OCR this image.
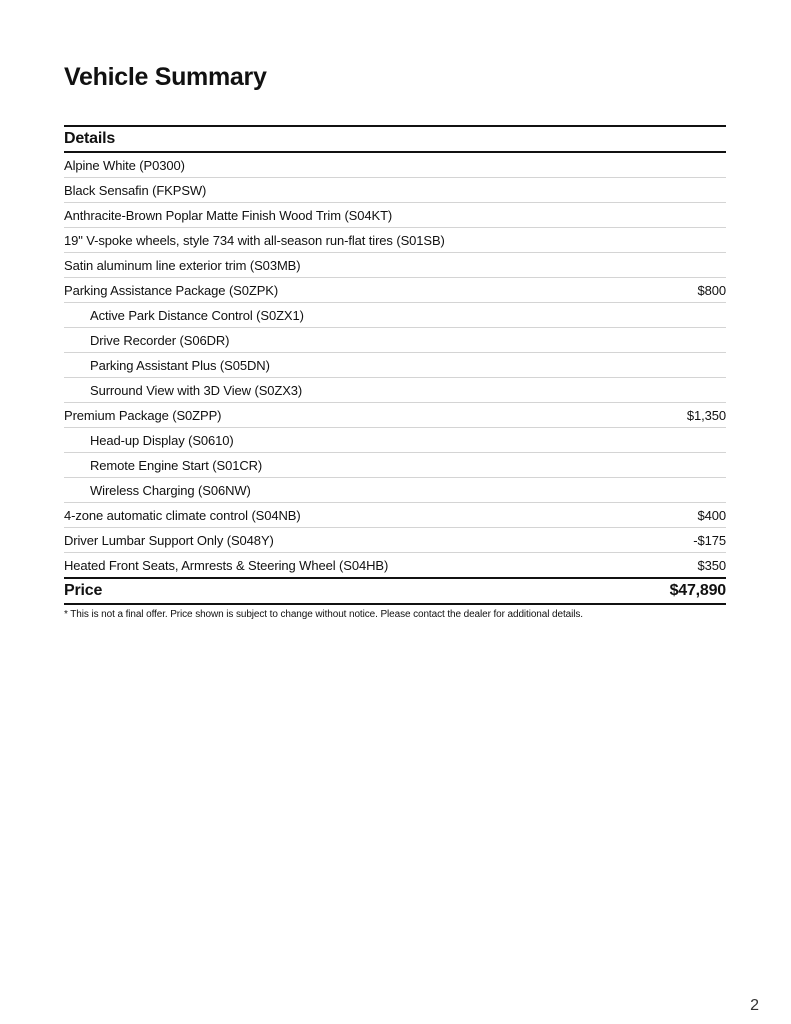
Vehicle Summary
Details
Alpine White (P0300)
Black Sensafin (FKPSW)
Anthracite-Brown Poplar Matte Finish Wood Trim (S04KT)
19" V-spoke wheels, style 734 with all-season run-flat tires (S01SB)
Satin aluminum line exterior trim (S03MB)
Parking Assistance Package (S0ZPK)	$800
Active Park Distance Control (S0ZX1)
Drive Recorder (S06DR)
Parking Assistant Plus (S05DN)
Surround View with 3D View (S0ZX3)
Premium Package (S0ZPP)	$1,350
Head-up Display (S0610)
Remote Engine Start (S01CR)
Wireless Charging (S06NW)
4-zone automatic climate control (S04NB)	$400
Driver Lumbar Support Only (S048Y)	-$175
Heated Front Seats, Armrests & Steering Wheel (S04HB)	$350
Price	$47,890
* This is not a final offer. Price shown is subject to change without notice. Please contact the dealer for additional details.
2
